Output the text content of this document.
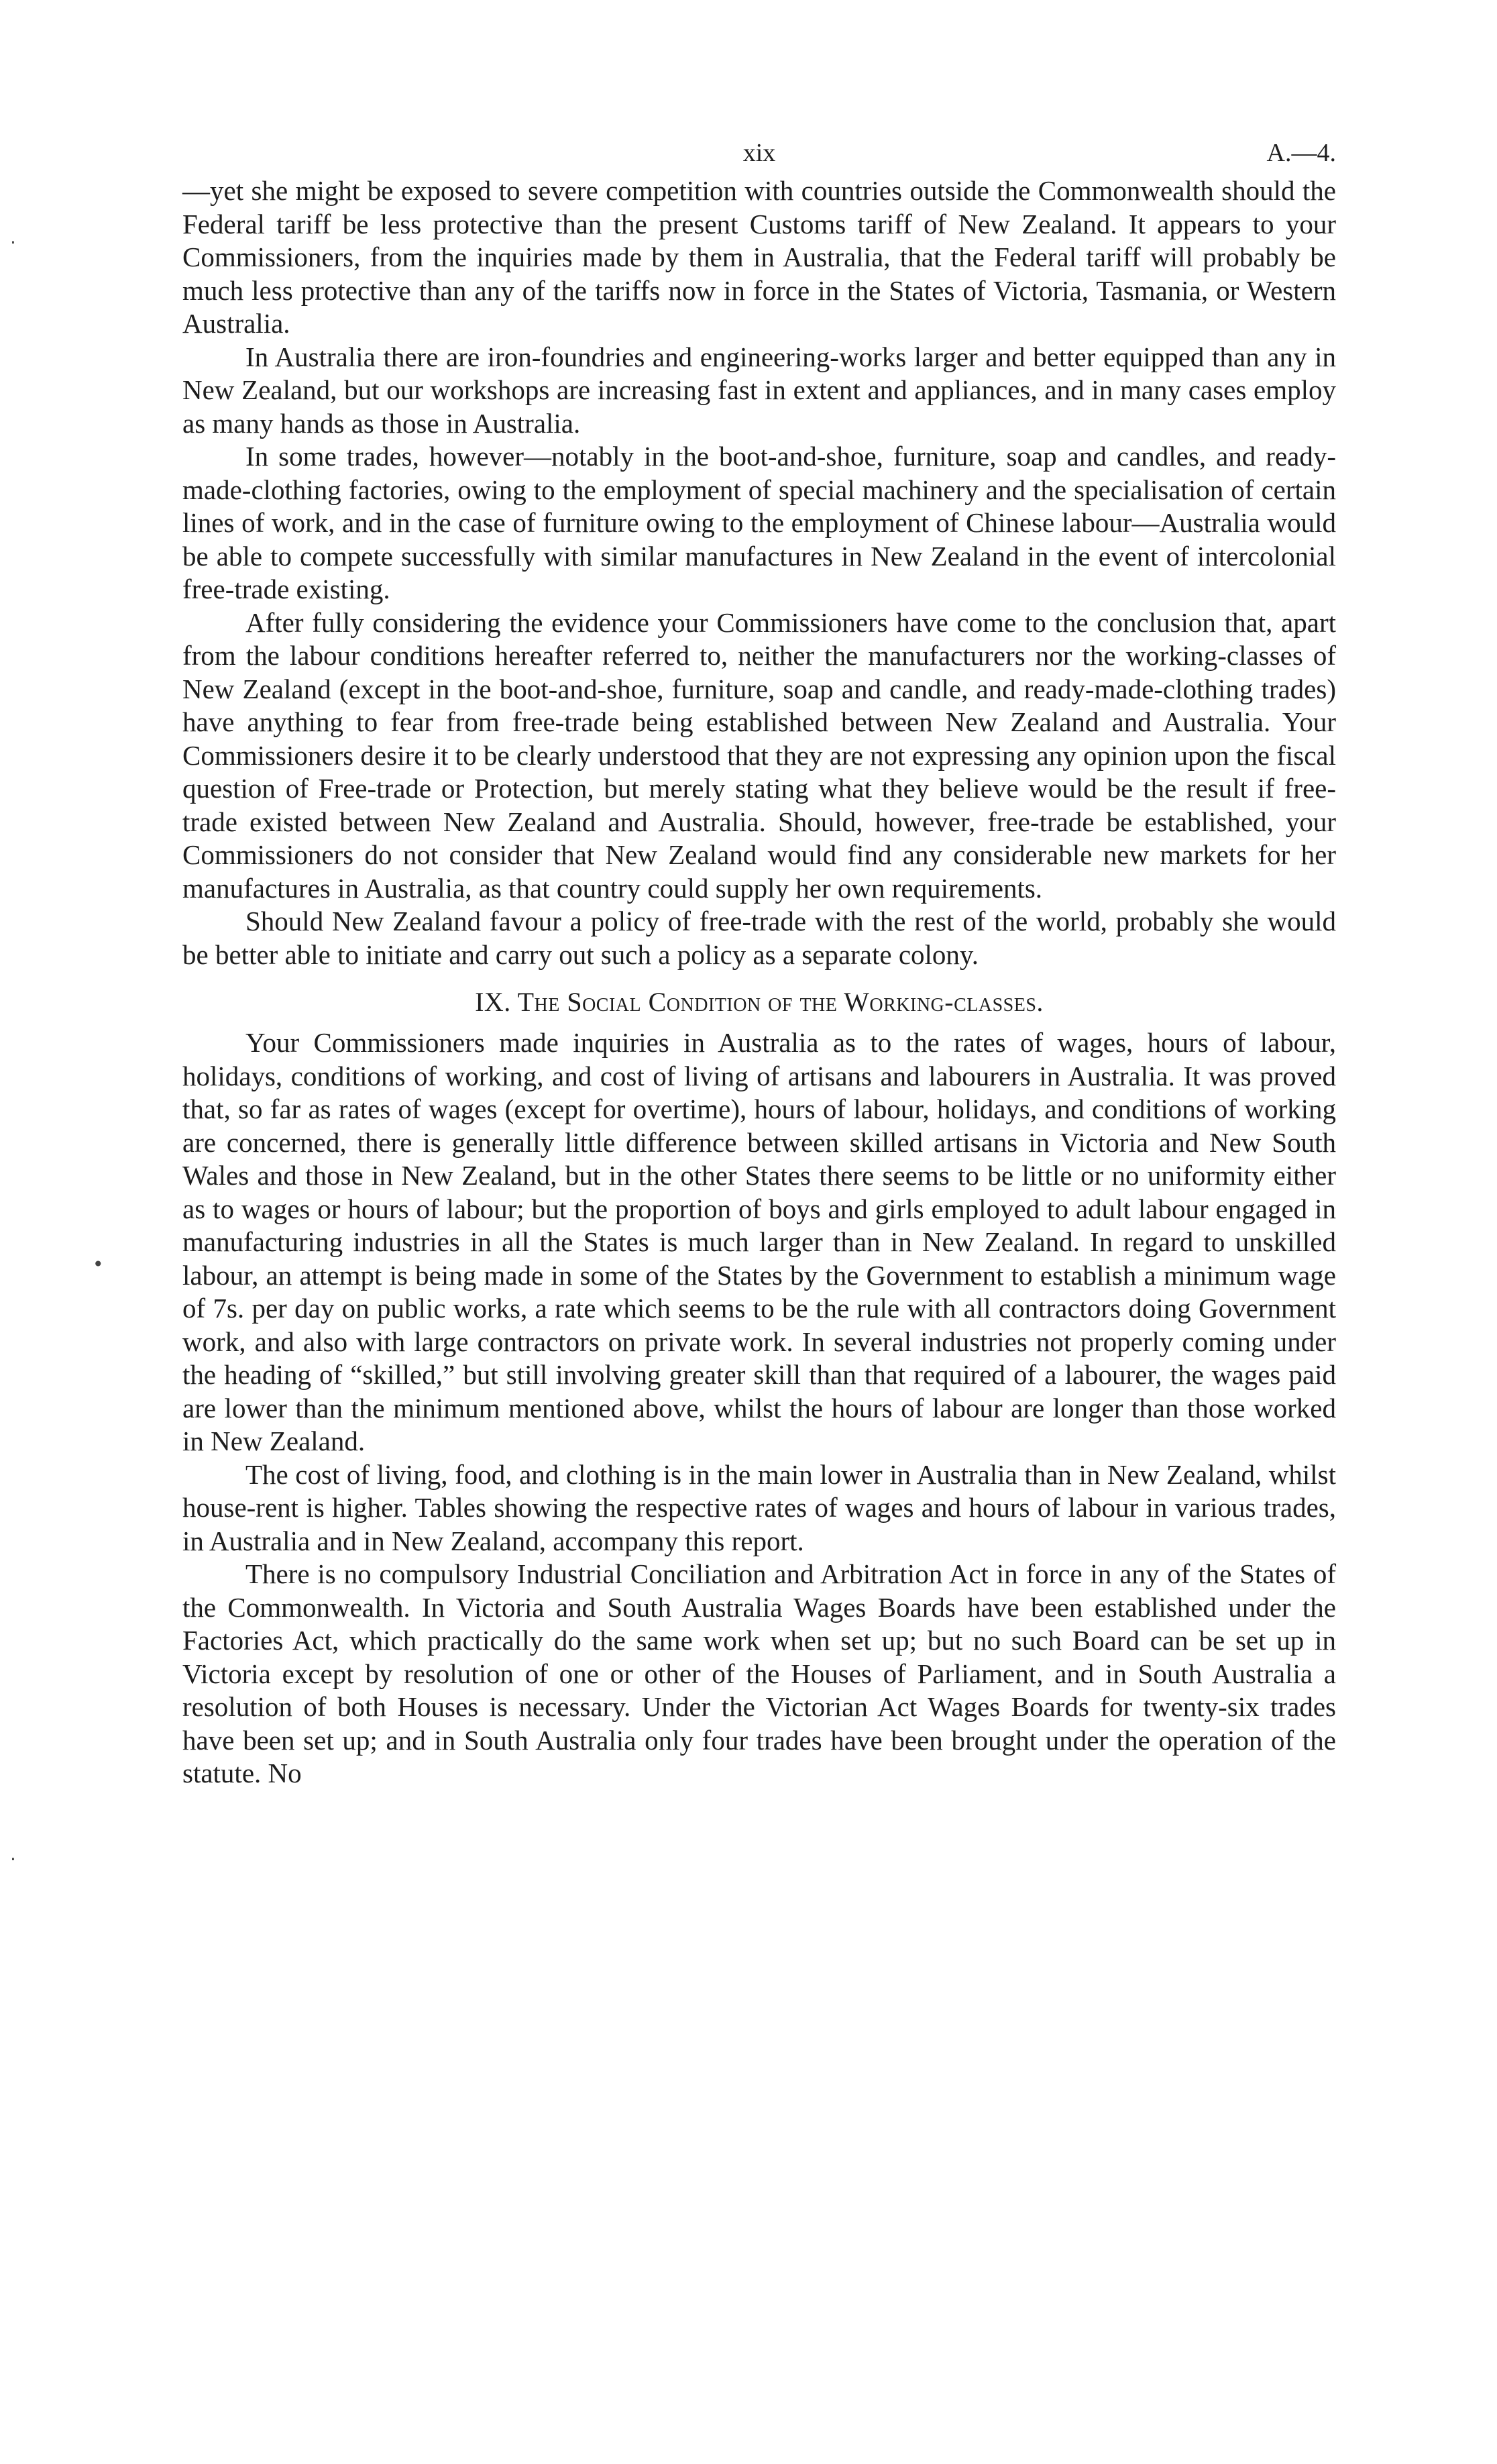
·
•
·
xix	A.—4.

—yet she might be exposed to severe competition with countries outside the Commonwealth should the Federal tariff be less protective than the present Customs tariff of New Zealand. It appears to your Commissioners, from the inquiries made by them in Australia, that the Federal tariff will probably be much less protective than any of the tariffs now in force in the States of Victoria, Tasmania, or Western Australia.

In Australia there are iron-foundries and engineering-works larger and better equipped than any in New Zealand, but our workshops are increasing fast in extent and appliances, and in many cases employ as many hands as those in Australia.

In some trades, however—notably in the boot-and-shoe, furniture, soap and candles, and ready-made-clothing factories, owing to the employment of special machinery and the specialisation of certain lines of work, and in the case of furniture owing to the employment of Chinese labour—Australia would be able to compete successfully with similar manufactures in New Zealand in the event of intercolonial free-trade existing.

After fully considering the evidence your Commissioners have come to the conclusion that, apart from the labour conditions hereafter referred to, neither the manufacturers nor the working-classes of New Zealand (except in the boot-and-shoe, furniture, soap and candle, and ready-made-clothing trades) have anything to fear from free-trade being established between New Zealand and Australia. Your Commissioners desire it to be clearly understood that they are not expressing any opinion upon the fiscal question of Free-trade or Protection, but merely stating what they believe would be the result if free-trade existed between New Zealand and Australia. Should, however, free-trade be established, your Commissioners do not consider that New Zealand would find any considerable new markets for her manufactures in Australia, as that country could supply her own requirements.

Should New Zealand favour a policy of free-trade with the rest of the world, probably she would be better able to initiate and carry out such a policy as a separate colony.

IX. The Social Condition of the Working-classes.

Your Commissioners made inquiries in Australia as to the rates of wages, hours of labour, holidays, conditions of working, and cost of living of artisans and labourers in Australia. It was proved that, so far as rates of wages (except for overtime), hours of labour, holidays, and conditions of working are concerned, there is generally little difference between skilled artisans in Victoria and New South Wales and those in New Zealand, but in the other States there seems to be little or no uniformity either as to wages or hours of labour; but the proportion of boys and girls employed to adult labour engaged in manufacturing industries in all the States is much larger than in New Zealand. In regard to unskilled labour, an attempt is being made in some of the States by the Government to establish a minimum wage of 7s. per day on public works, a rate which seems to be the rule with all contractors doing Government work, and also with large contractors on private work. In several industries not properly coming under the heading of “skilled,” but still involving greater skill than that required of a labourer, the wages paid are lower than the minimum mentioned above, whilst the hours of labour are longer than those worked in New Zealand.

The cost of living, food, and clothing is in the main lower in Australia than in New Zealand, whilst house-rent is higher. Tables showing the respective rates of wages and hours of labour in various trades, in Australia and in New Zealand, accompany this report.

There is no compulsory Industrial Conciliation and Arbitration Act in force in any of the States of the Commonwealth. In Victoria and South Australia Wages Boards have been established under the Factories Act, which practically do the same work when set up; but no such Board can be set up in Victoria except by resolution of one or other of the Houses of Parliament, and in South Australia a resolution of both Houses is necessary. Under the Victorian Act Wages Boards for twenty-six trades have been set up; and in South Australia only four trades have been brought under the operation of the statute. No
